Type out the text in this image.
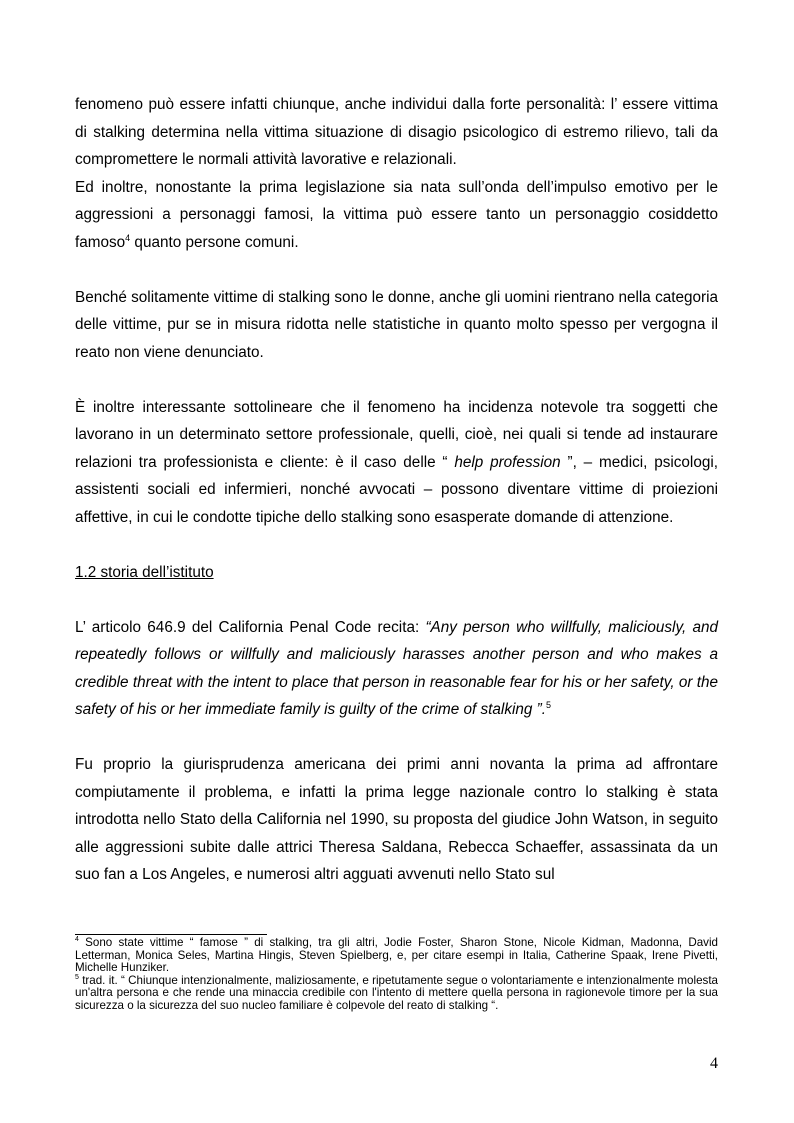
fenomeno può essere infatti chiunque, anche individui dalla forte personalità: l’ essere vittima di stalking determina nella vittima situazione di disagio psicologico di estremo rilievo, tali da compromettere le normali attività lavorative e relazionali.

Ed inoltre, nonostante la prima legislazione sia nata sull’onda dell’impulso emotivo per le aggressioni a personaggi famosi, la vittima può essere tanto un personaggio cosiddetto famoso$^4$ quanto persone comuni.

Benché solitamente vittime di stalking sono le donne, anche gli uomini rientrano nella categoria delle vittime, pur se in misura ridotta nelle statistiche in quanto molto spesso per vergogna il reato non viene denunciato.

È inoltre interessante sottolineare che il fenomeno ha incidenza notevole tra soggetti che lavorano in un determinato settore professionale, quelli, cioè, nei quali si tende ad instaurare relazioni tra professionista e cliente: è il caso delle “ help profession ”, – medici, psicologi, assistenti sociali ed infermieri, nonché avvocati – possono diventare vittime di proiezioni affettive, in cui le condotte tipiche dello stalking sono esasperate domande di attenzione.

1.2 storia dell’istituto

L’ articolo 646.9 del California Penal Code recita: “Any person who willfully, maliciously, and repeatedly follows or willfully and maliciously harasses another person and who makes a credible threat with the intent to place that person in reasonable fear for his or her safety, or the safety of his or her immediate family is guilty of the crime of stalking ”.$^5$

Fu proprio la giurisprudenza americana dei primi anni novanta la prima ad affrontare compiutamente il problema, e infatti la prima legge nazionale contro lo stalking è stata introdotta nello Stato della California nel 1990, su proposta del giudice John Watson, in seguito alle aggressioni subite dalle attrici Theresa Saldana, Rebecca Schaeffer, assassinata da un suo fan a Los Angeles, e numerosi altri agguati avvenuti nello Stato sul

$^4$ Sono state vittime “ famose ” di stalking, tra gli altri, Jodie Foster, Sharon Stone, Nicole Kidman, Madonna, David Letterman, Monica Seles, Martina Hingis, Steven Spielberg, e, per citare esempi in Italia, Catherine Spaak, Irene Pivetti, Michelle Hunziker.

$^5$ trad. it. “ Chiunque intenzionalmente, maliziosamente, e ripetutamente segue o volontariamente e intenzionalmente molesta un'altra persona e che rende una minaccia credibile con l'intento di mettere quella persona in ragionevole timore per la sua sicurezza o la sicurezza del suo nucleo familiare è colpevole del reato di stalking “.

4
